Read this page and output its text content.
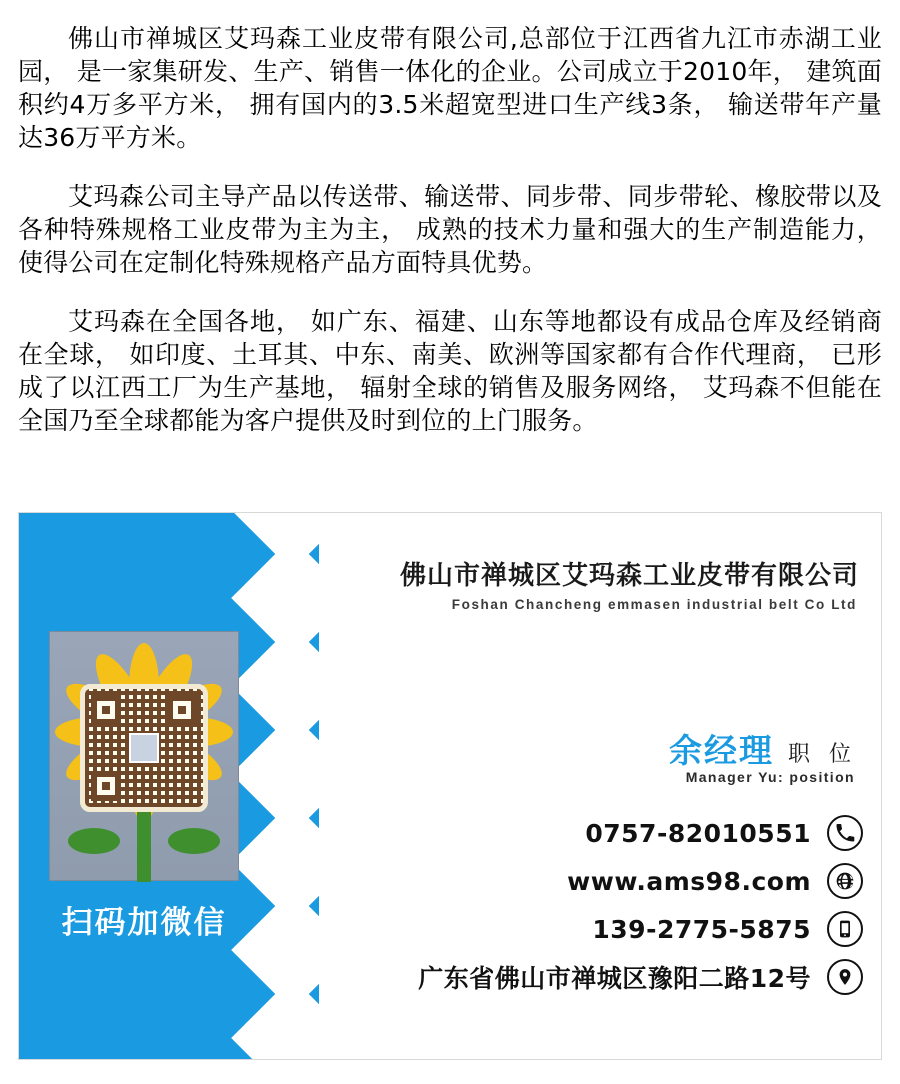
佛山市禅城区艾玛森工业皮带有限公司,总部位于江西省九江市赤湖工业园， 是一家集研发、生产、销售一体化的企业。公司成立于2010年， 建筑面积约4万多平方米， 拥有国内的3.5米超宽型进口生产线3条， 输送带年产量达36万平方米。

艾玛森公司主导产品以传送带、输送带、同步带、同步带轮、橡胶带以及各种特殊规格工业皮带为主为主， 成熟的技术力量和强大的生产制造能力， 使得公司在定制化特殊规格产品方面特具优势。

艾玛森在全国各地， 如广东、福建、山东等地都设有成品仓库及经销商在全球， 如印度、土耳其、中东、南美、欧洲等国家都有合作代理商， 已形成了以江西工厂为生产基地， 辐射全球的销售及服务网络， 艾玛森不但能在全国乃至全球都能为客户提供及时到位的上门服务。

扫码加微信
佛山市禅城区艾玛森工业皮带有限公司
Foshan Chancheng emmasen industrial belt Co Ltd
余经理 职 位
Manager Yu: position
0757-82010551
www.ams98.com
139-2775-5875
广东省佛山市禅城区豫阳二路12号
